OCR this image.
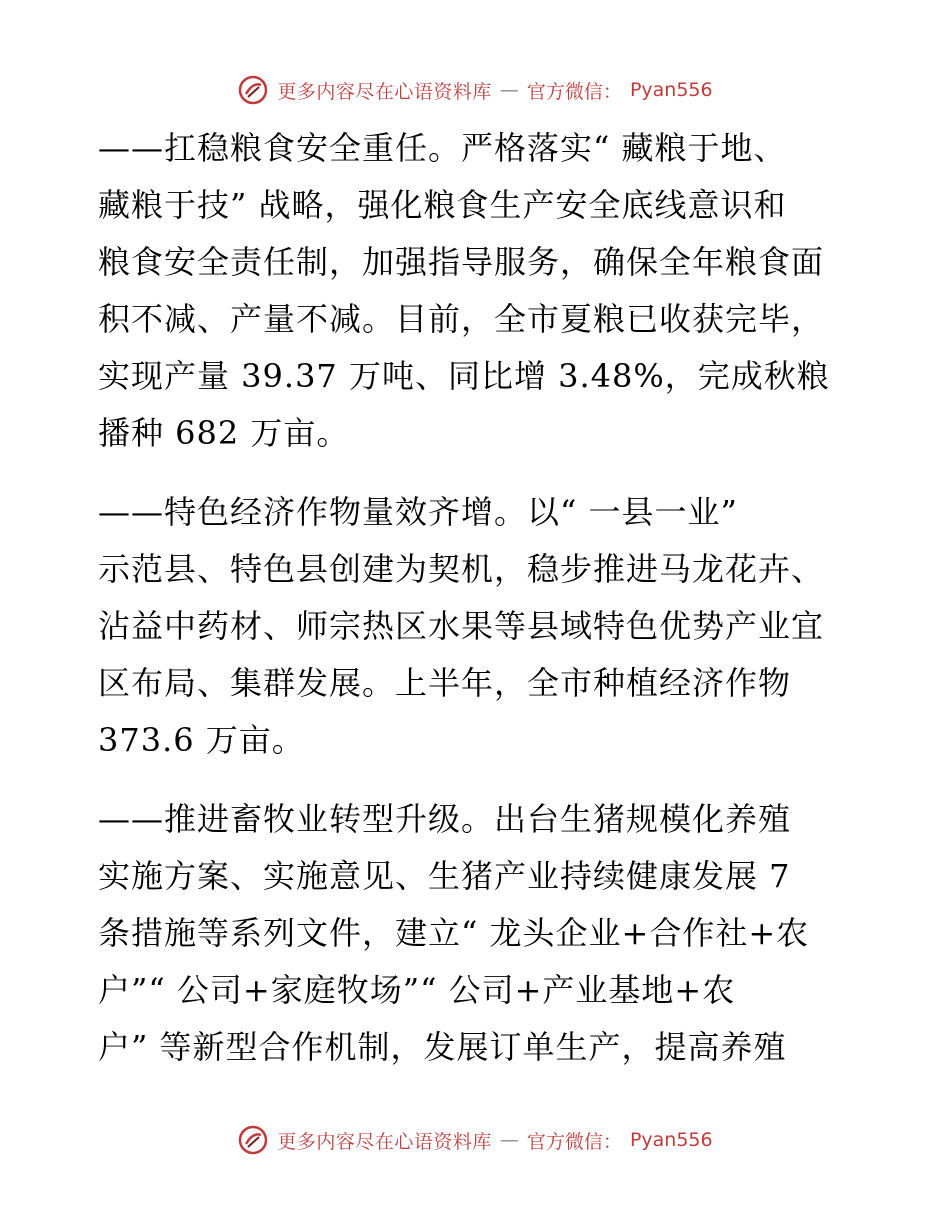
更多内容尽在心语资料库 — 官方微信： Pyan556

——扛稳粮食安全重任。严格落实“ 藏粮于地、
藏粮于技” 战略，强化粮食生产安全底线意识和
粮食安全责任制，加强指导服务，确保全年粮食面
积不减、产量不减。目前，全市夏粮已收获完毕，
实现产量 39.37 万吨、同比增 3.48%，完成秋粮
播种 682 万亩。

——特色经济作物量效齐增。以“ 一县一业”
示范县、特色县创建为契机，稳步推进马龙花卉、
沾益中药材、师宗热区水果等县域特色优势产业宜
区布局、集群发展。上半年，全市种植经济作物
373.6 万亩。

——推进畜牧业转型升级。出台生猪规模化养殖
实施方案、实施意见、生猪产业持续健康发展 7
条措施等系列文件，建立“ 龙头企业+合作社+农
户”“ 公司+家庭牧场”“ 公司+产业基地+农
户” 等新型合作机制，发展订单生产，提高养殖

更多内容尽在心语资料库 — 官方微信： Pyan556
